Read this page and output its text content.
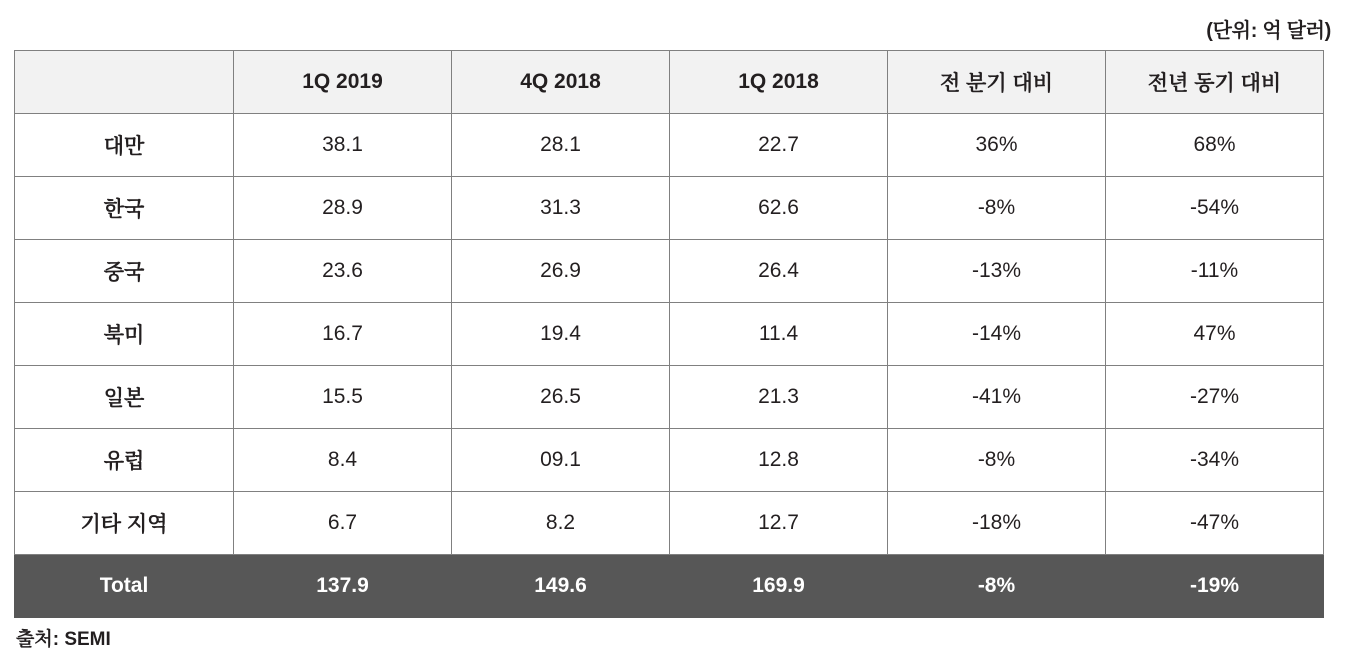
(단위: 억 달러)
	1Q 2019	4Q 2018	1Q 2018	전 분기 대비	전년 동기 대비
대만	38.1	28.1	22.7	36%	68%
한국	28.9	31.3	62.6	-8%	-54%
중국	23.6	26.9	26.4	-13%	-11%
북미	16.7	19.4	11.4	-14%	47%
일본	15.5	26.5	21.3	-41%	-27%
유럽	8.4	09.1	12.8	-8%	-34%
기타 지역	6.7	8.2	12.7	-18%	-47%
Total	137.9	149.6	169.9	-8%	-19%
출처: SEMI
